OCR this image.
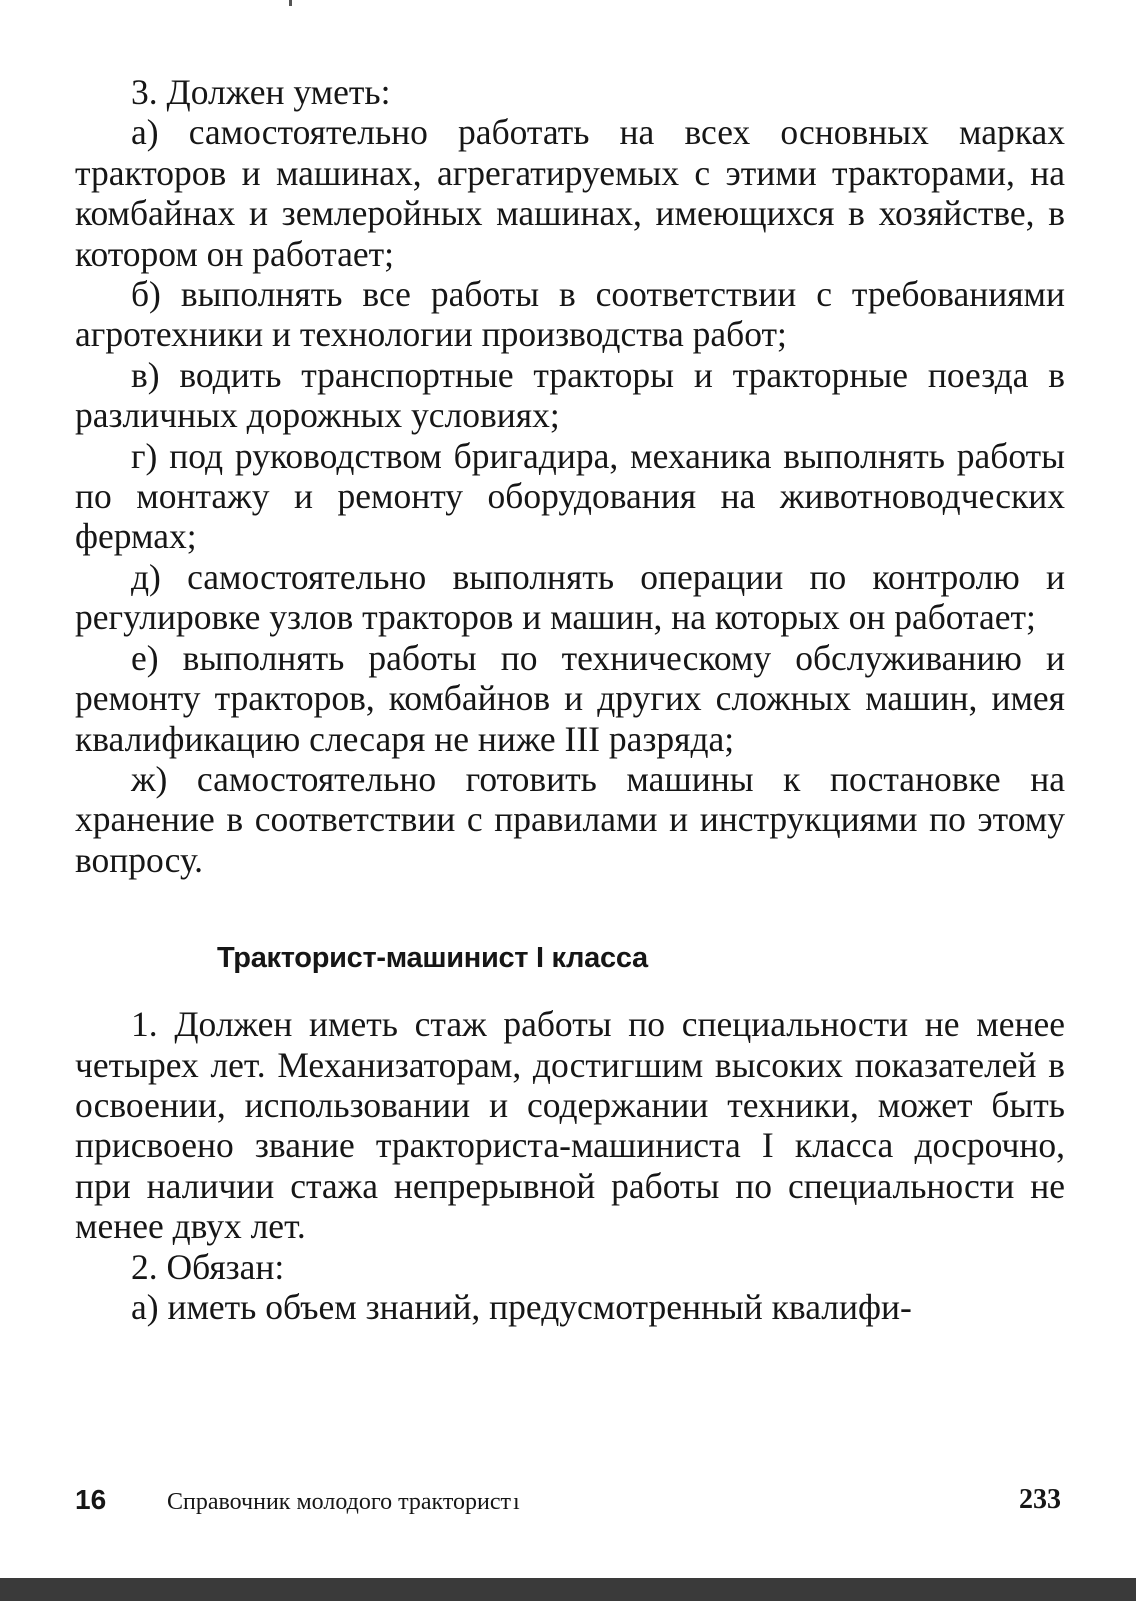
3. Должен уметь:

а) самостоятельно работать на всех основных марках тракторов и машинах, агрегатируемых с этими тракторами, на комбайнах и землеройных машинах, имеющихся в хозяйстве, в котором он работает;

б) выполнять все работы в соответствии с требованиями агротехники и технологии производства работ;

в) водить транспортные тракторы и тракторные поезда в различных дорожных условиях;

г) под руководством бригадира, механика выполнять работы по монтажу и ремонту оборудования на животноводческих фермах;

д) самостоятельно выполнять операции по контролю и регулировке узлов тракторов и машин, на которых он работает;

е) выполнять работы по техническому обслуживанию и ремонту тракторов, комбайнов и других сложных машин, имея квалификацию слесаря не ниже III разряда;

ж) самостоятельно готовить машины к постановке на хранение в соответствии с правилами и инструкциями по этому вопросу.

Тракторист-машинист I класса

1. Должен иметь стаж работы по специальности не менее четырех лет. Механизаторам, достигшим высоких показателей в освоении, использовании и содержании техники, может быть присвоено звание тракториста-машиниста I класса досрочно, при наличии стажа непрерывной работы по специальности не менее двух лет.

2. Обязан:

а) иметь объем знаний, предусмотренный квалифи-

16	Справочник молодого тракторист ı	233
